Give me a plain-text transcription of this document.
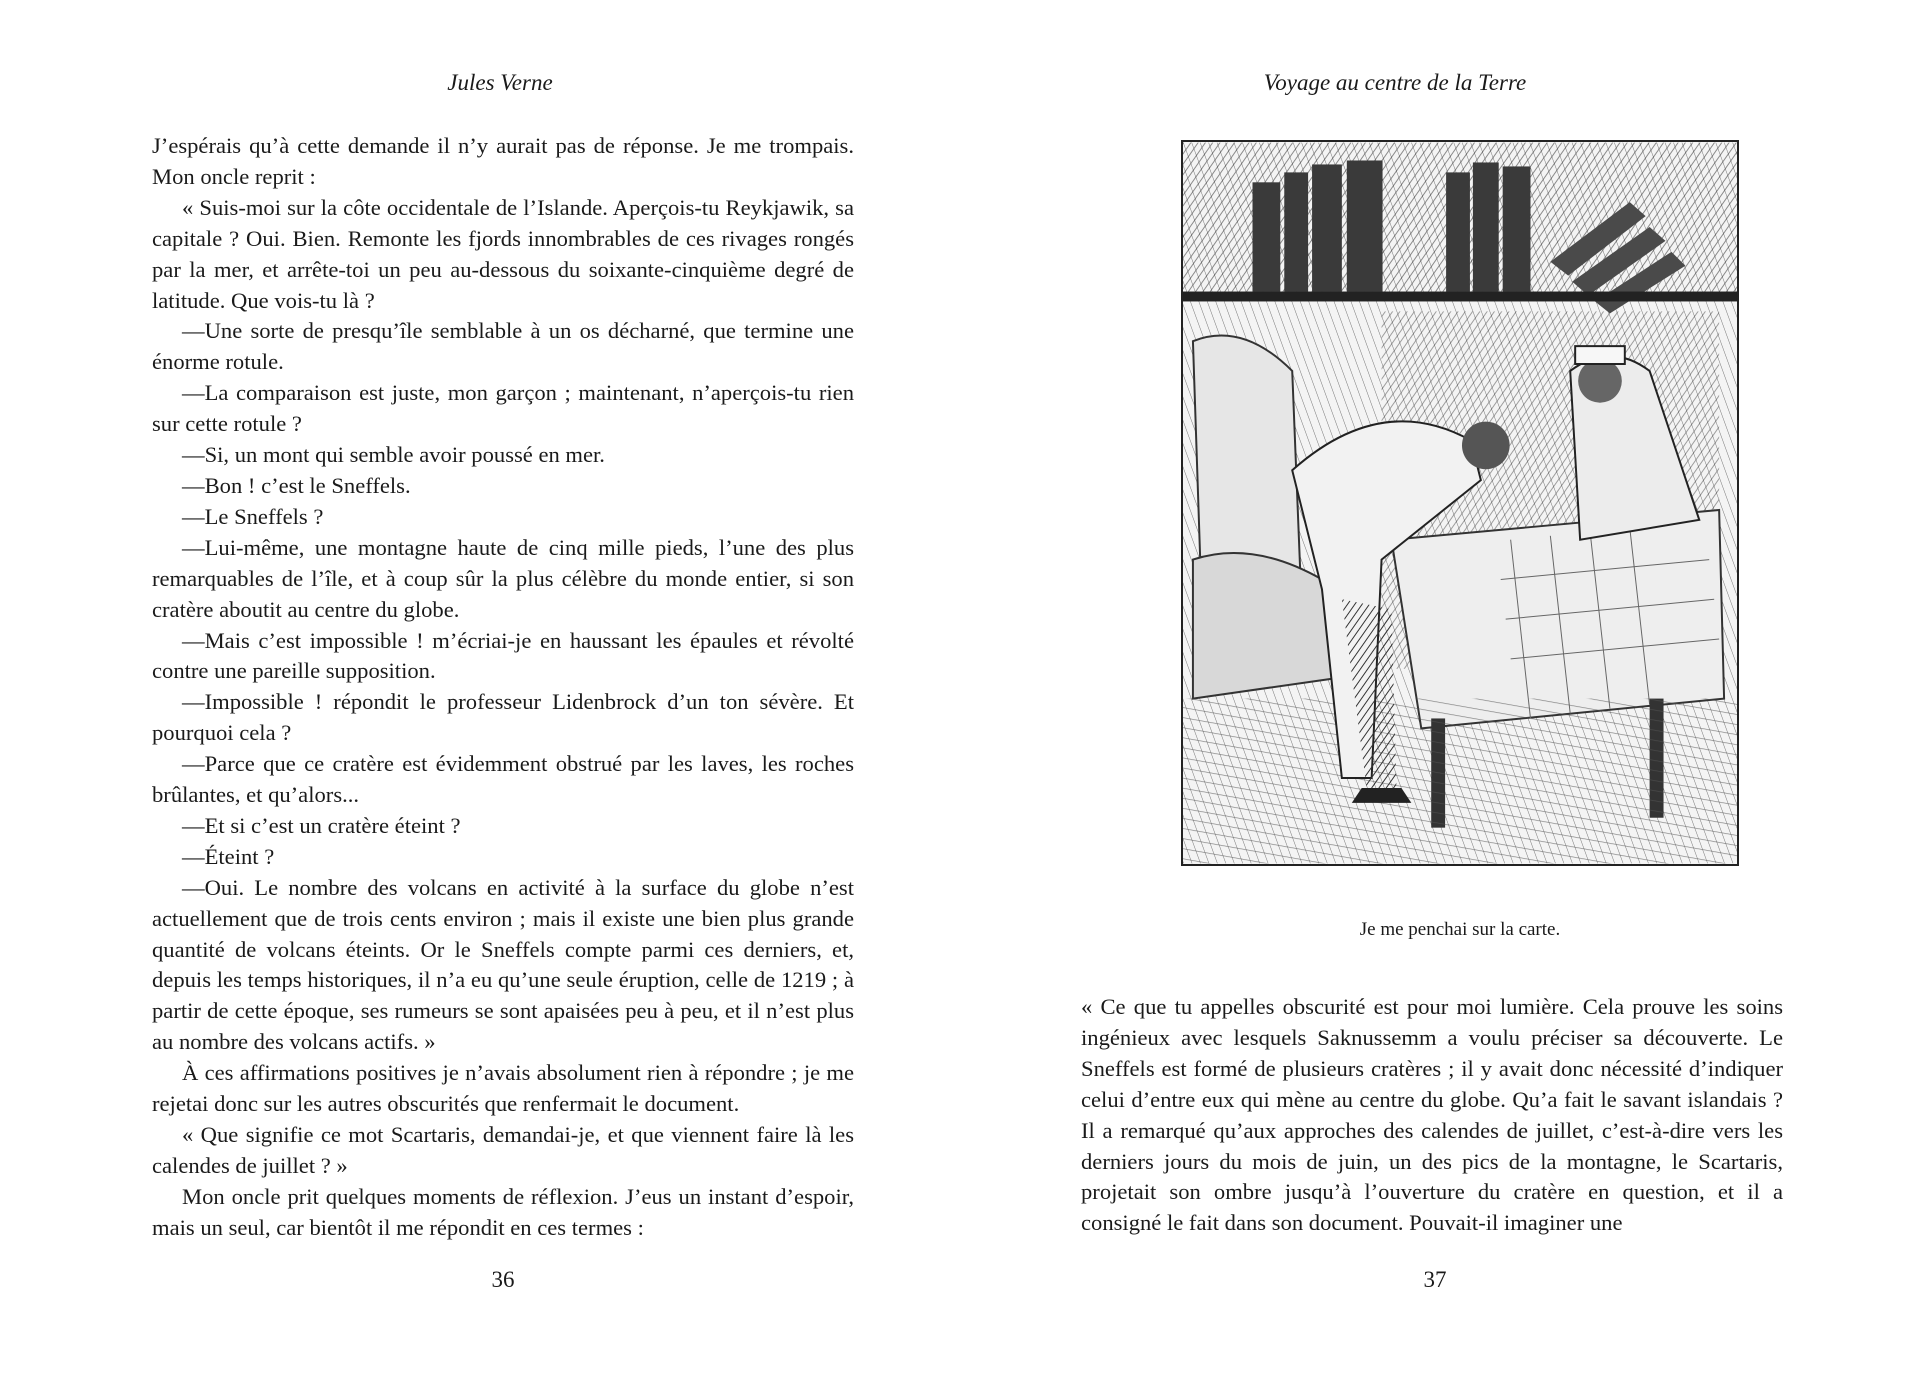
Jules Verne

J’espérais qu’à cette demande il n’y aurait pas de réponse. Je me trompais. Mon oncle reprit :

« Suis-moi sur la côte occidentale de l’Islande. Aperçois-tu Reykjawik, sa capitale ? Oui. Bien. Remonte les fjords innombrables de ces rivages rongés par la mer, et arrête-toi un peu au-dessous du soixante-cinquième degré de latitude. Que vois-tu là ?

—Une sorte de presqu’île semblable à un os décharné, que termine une énorme rotule.

—La comparaison est juste, mon garçon ; maintenant, n’aperçois-tu rien sur cette rotule ?

—Si, un mont qui semble avoir poussé en mer.

—Bon ! c’est le Sneffels.

—Le Sneffels ?

—Lui-même, une montagne haute de cinq mille pieds, l’une des plus remarquables de l’île, et à coup sûr la plus célèbre du monde entier, si son cratère aboutit au centre du globe.

—Mais c’est impossible ! m’écriai-je en haussant les épaules et révolté contre une pareille supposition.

—Impossible ! répondit le professeur Lidenbrock d’un ton sévère. Et pourquoi cela ?

—Parce que ce cratère est évidemment obstrué par les laves, les roches brûlantes, et qu’alors...

—Et si c’est un cratère éteint ?

—Éteint ?

—Oui. Le nombre des volcans en activité à la surface du globe n’est actuellement que de trois cents environ ; mais il existe une bien plus grande quantité de volcans éteints. Or le Sneffels compte parmi ces derniers, et, depuis les temps historiques, il n’a eu qu’une seule éruption, celle de 1219 ; à partir de cette époque, ses rumeurs se sont apaisées peu à peu, et il n’est plus au nombre des volcans actifs. »

À ces affirmations positives je n’avais absolument rien à répondre ; je me rejetai donc sur les autres obscurités que renfermait le document.

« Que signifie ce mot Scartaris, demandai-je, et que viennent faire là les calendes de juillet ? »

Mon oncle prit quelques moments de réflexion. J’eus un instant d’espoir, mais un seul, car bientôt il me répondit en ces termes :

36
Voyage au centre de la Terre
Je me penchai sur la carte.

« Ce que tu appelles obscurité est pour moi lumière. Cela prouve les soins ingénieux avec lesquels Saknussemm a voulu préciser sa découverte. Le Sneffels est formé de plusieurs cratères ; il y avait donc nécessité d’indiquer celui d’entre eux qui mène au centre du globe. Qu’a fait le savant islandais ? Il a remarqué qu’aux approches des calendes de juillet, c’est-à-dire vers les derniers jours du mois de juin, un des pics de la montagne, le Scartaris, projetait son ombre jusqu’à l’ouverture du cratère en question, et il a consigné le fait dans son document. Pouvait-il imaginer une

37
